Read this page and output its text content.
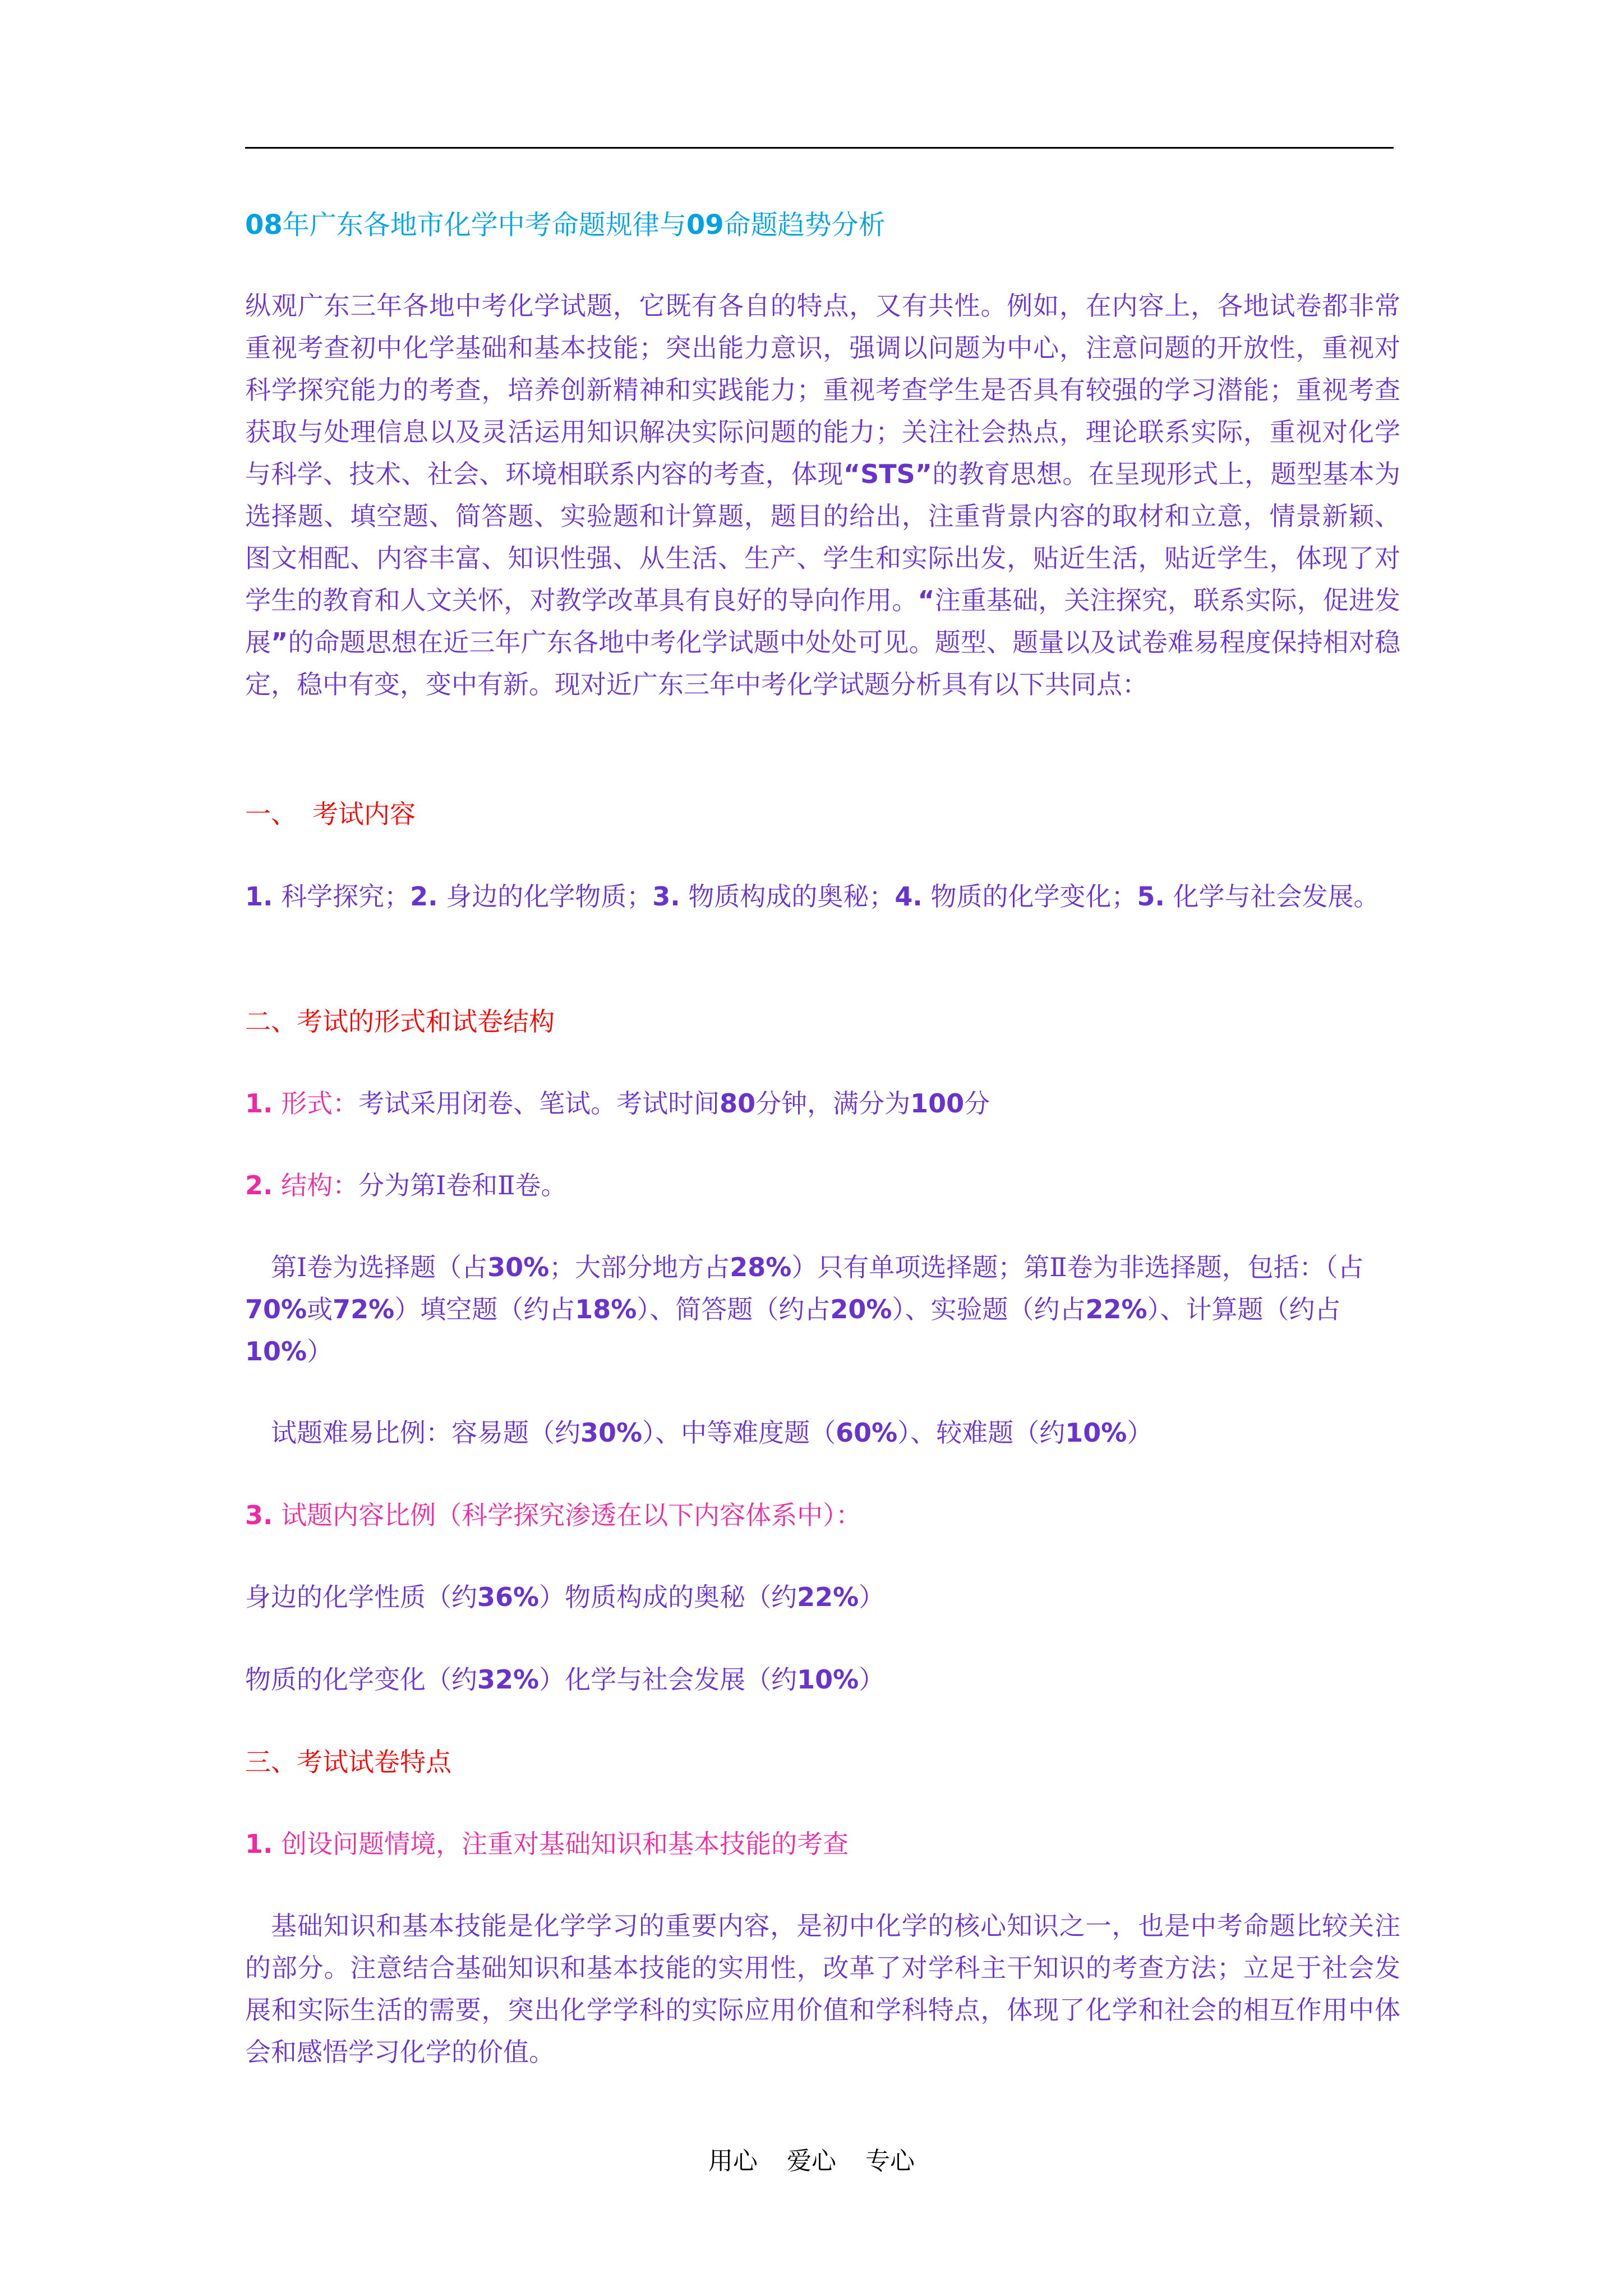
08年广东各地市化学中考命题规律与09命题趋势分析
纵观广东三年各地中考化学试题，它既有各自的特点，又有共性。例如，在内容上，各地试卷都非常重视考查初中化学基础和基本技能；突出能力意识，强调以问题为中心，注意问题的开放性，重视对科学探究能力的考查，培养创新精神和实践能力；重视考查学生是否具有较强的学习潜能；重视考查获取与处理信息以及灵活运用知识解决实际问题的能力；关注社会热点，理论联系实际，重视对化学与科学、技术、社会、环境相联系内容的考查，体现“STS”的教育思想。在呈现形式上，题型基本为选择题、填空题、简答题、实验题和计算题，题目的给出，注重背景内容的取材和立意，情景新颖、图文相配、内容丰富、知识性强、从生活、生产、学生和实际出发，贴近生活，贴近学生，体现了对学生的教育和人文关怀，对教学改革具有良好的导向作用。“注重基础，关注探究，联系实际，促进发展”的命题思想在近三年广东各地中考化学试题中处处可见。题型、题量以及试卷难易程度保持相对稳定，稳中有变，变中有新。现对近广东三年中考化学试题分析具有以下共同点：
一、 考试内容
1. 科学探究；2. 身边的化学物质；3. 物质构成的奥秘；4. 物质的化学变化；5. 化学与社会发展。
二、考试的形式和试卷结构
1. 形式：考试采用闭卷、笔试。考试时间80分钟，满分为100分
2. 结构：分为第Ⅰ卷和Ⅱ卷。
第Ⅰ卷为选择题（占30%；大部分地方占28%）只有单项选择题；第Ⅱ卷为非选择题，包括：（占70%或72%）填空题（约占18%）、简答题（约占20%）、实验题（约占22%）、计算题（约占10%）
试题难易比例：容易题（约30%）、中等难度题（60%）、较难题（约10%）
3. 试题内容比例（科学探究渗透在以下内容体系中）：
身边的化学性质（约36%）物质构成的奥秘（约22%）
物质的化学变化（约32%）化学与社会发展（约10%）
三、考试试卷特点
1. 创设问题情境，注重对基础知识和基本技能的考查
基础知识和基本技能是化学学习的重要内容，是初中化学的核心知识之一，也是中考命题比较关注的部分。注意结合基础知识和基本技能的实用性，改革了对学科主干知识的考查方法；立足于社会发展和实际生活的需要，突出化学学科的实际应用价值和学科特点，体现了化学和社会的相互作用中体会和感悟学习化学的价值。
用心 爱心 专心
